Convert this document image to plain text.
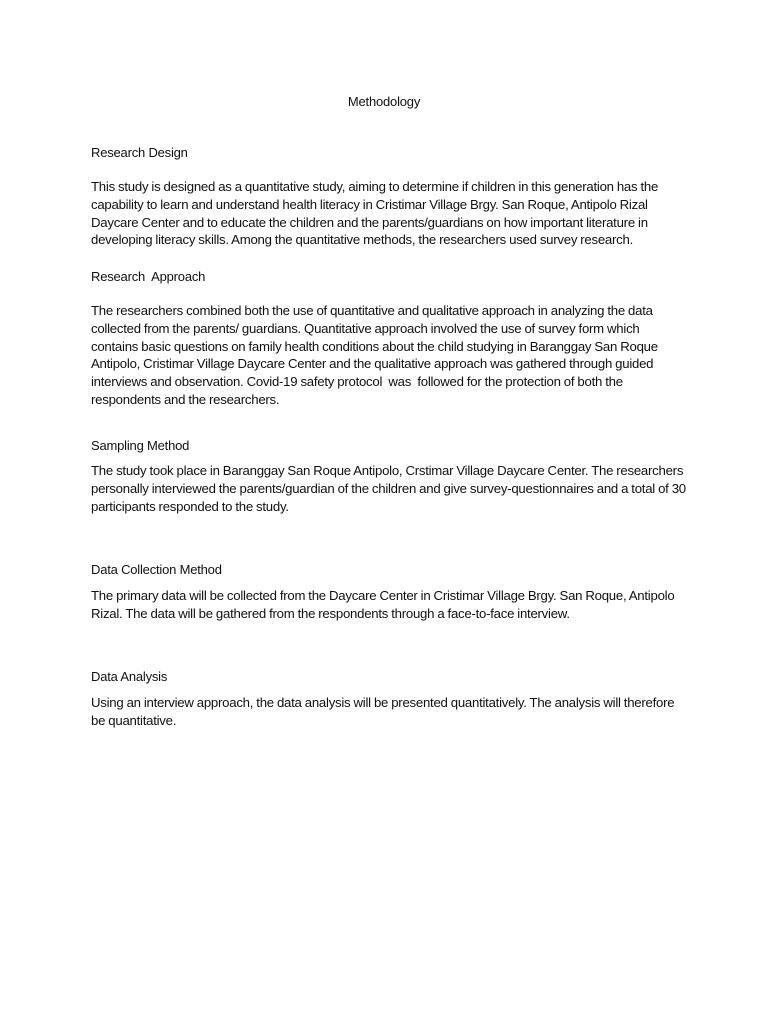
Methodology
Research Design
This study is designed as a quantitative study, aiming to determine if children in this generation has the
capability to learn and understand health literacy in Cristimar Village Brgy. San Roque, Antipolo Rizal
Daycare Center and to educate the children and the parents/guardians on how important literature in
developing literacy skills. Among the quantitative methods, the researchers used survey research.
Research  Approach
The researchers combined both the use of quantitative and qualitative approach in analyzing the data
collected from the parents/ guardians. Quantitative approach involved the use of survey form which
contains basic questions on family health conditions about the child studying in Baranggay San Roque
Antipolo, Cristimar Village Daycare Center and the qualitative approach was gathered through guided
interviews and observation. Covid-19 safety protocol  was  followed for the protection of both the
respondents and the researchers.
Sampling Method
The study took place in Baranggay San Roque Antipolo, Crstimar Village Daycare Center. The researchers
personally interviewed the parents/guardian of the children and give survey-questionnaires and a total of 30
participants responded to the study.
Data Collection Method
The primary data will be collected from the Daycare Center in Cristimar Village Brgy. San Roque, Antipolo
Rizal. The data will be gathered from the respondents through a face-to-face interview.
Data Analysis
Using an interview approach, the data analysis will be presented quantitatively. The analysis will therefore
be quantitative.
